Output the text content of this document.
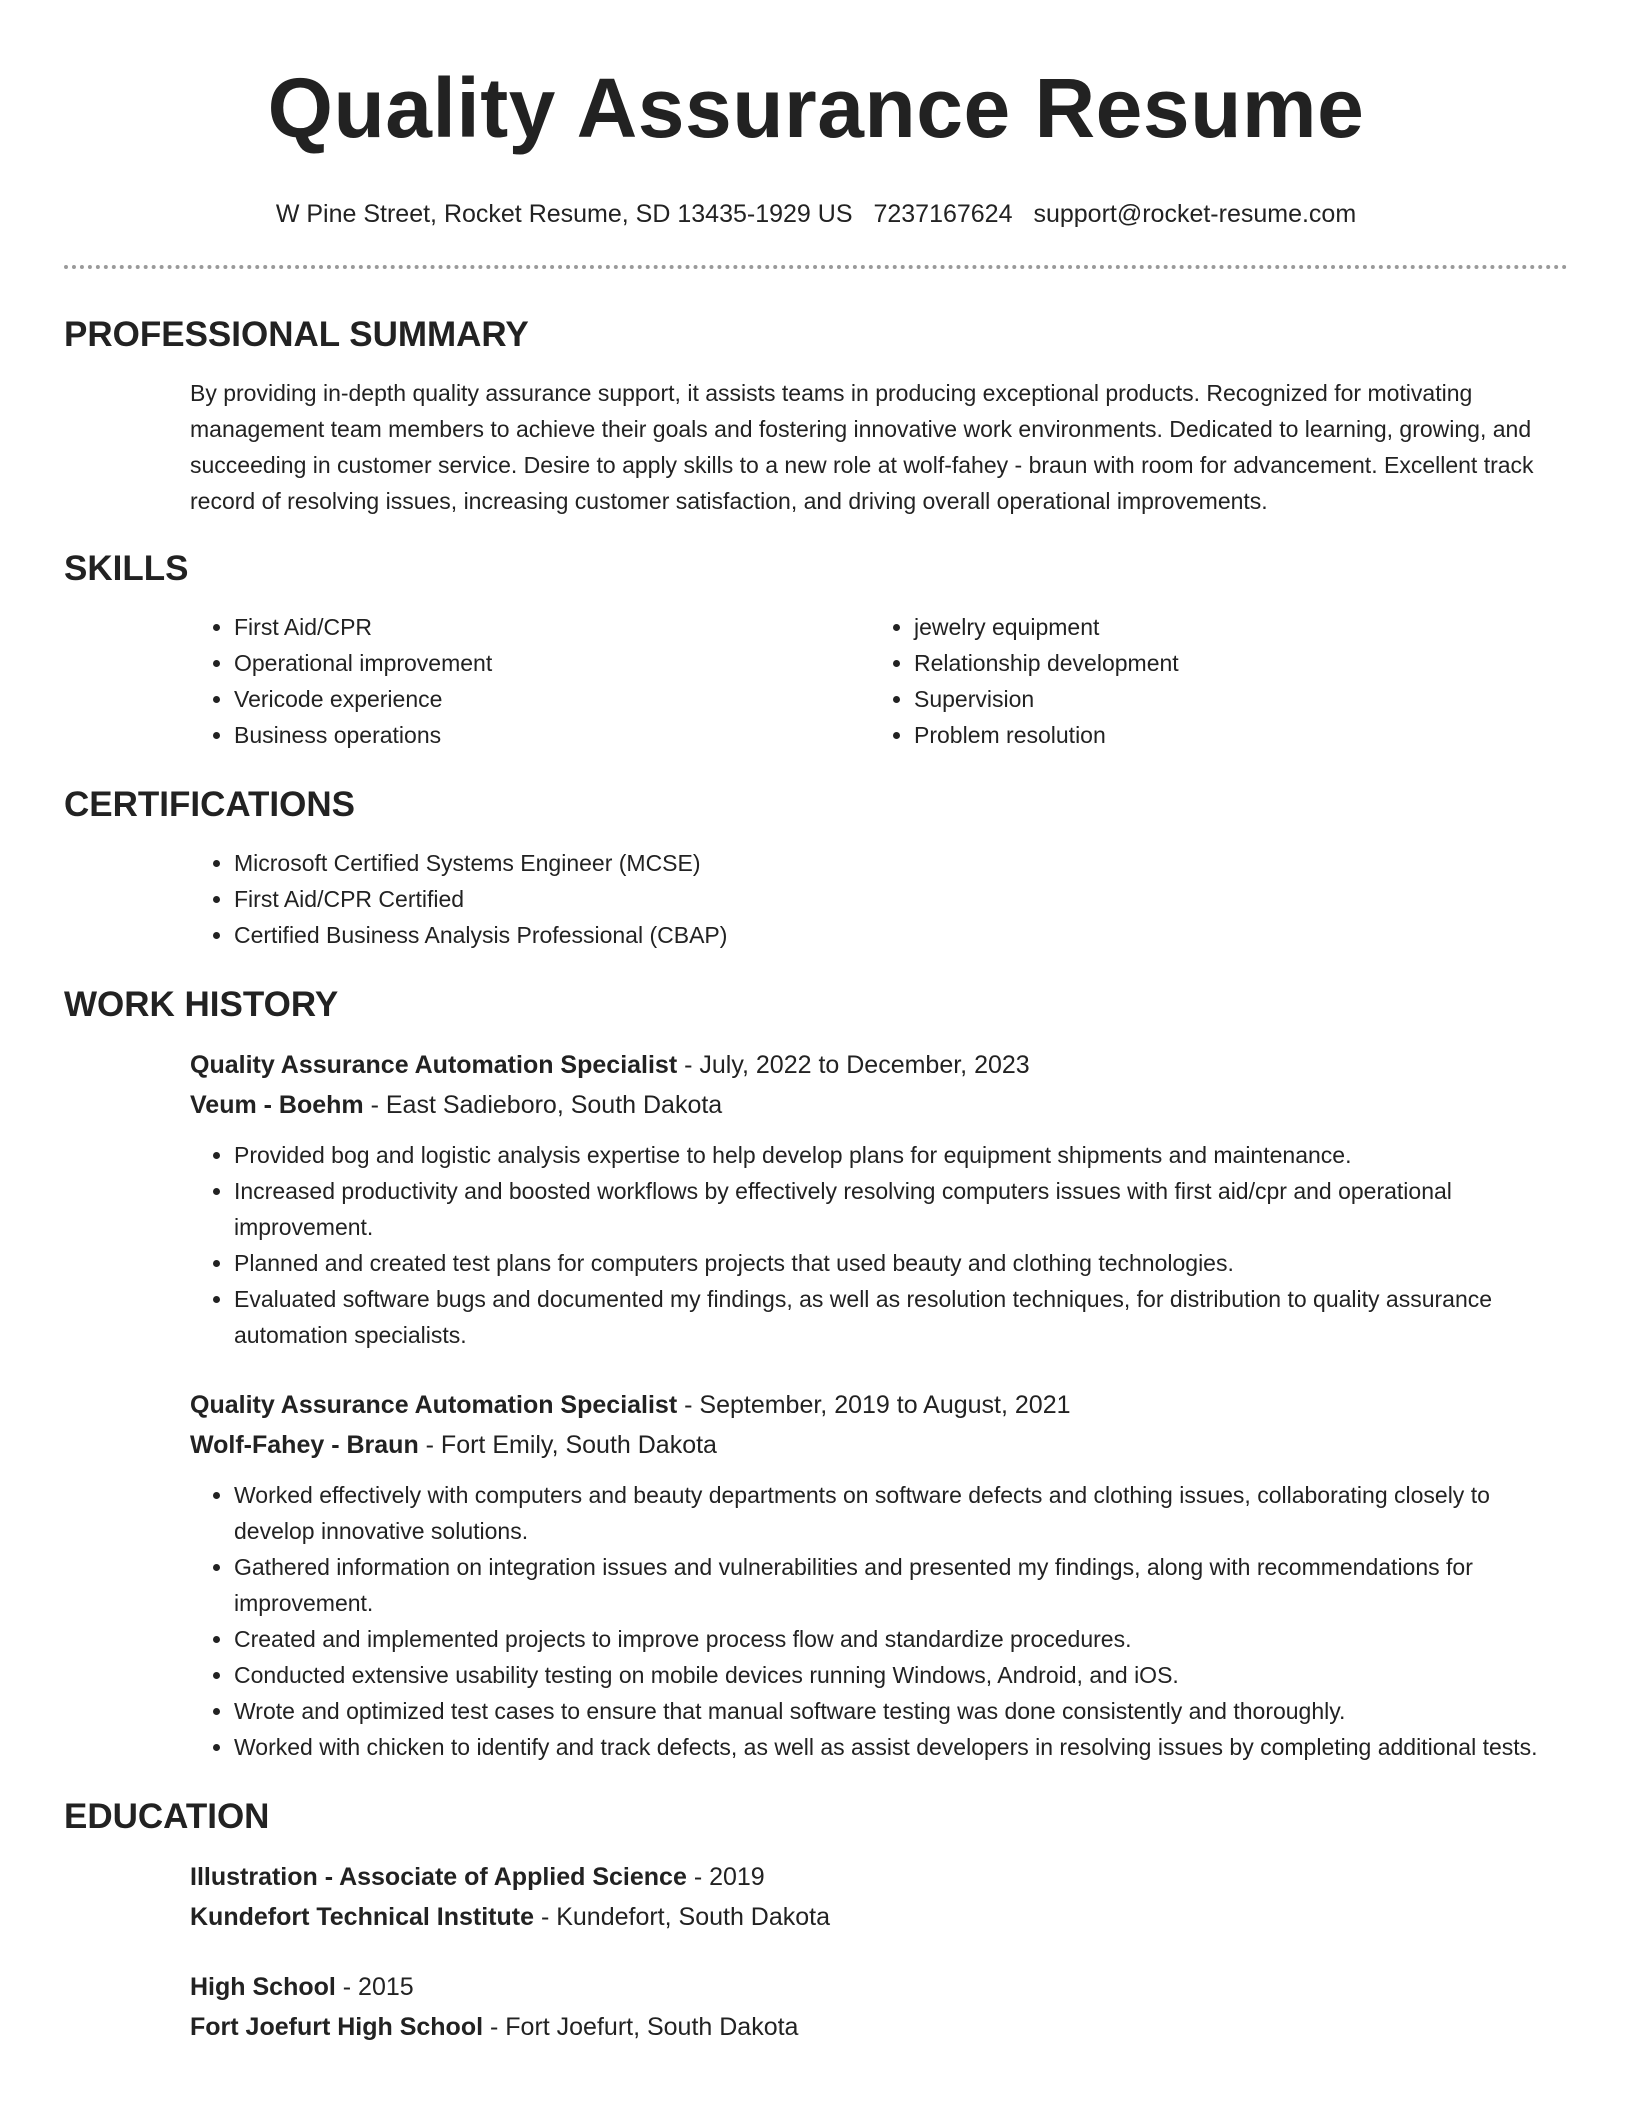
Quality Assurance Resume
W Pine Street, Rocket Resume, SD 13435-1929 US 7237167624 support@rocket-resume.com
PROFESSIONAL SUMMARY

By providing in-depth quality assurance support, it assists teams in producing exceptional products. Recognized for motivating management team members to achieve their goals and fostering innovative work environments. Dedicated to learning, growing, and succeeding in customer service. Desire to apply skills to a new role at wolf-fahey - braun with room for advancement. Excellent track record of resolving issues, increasing customer satisfaction, and driving overall operational improvements.

SKILLS
• First Aid/CPR
• Operational improvement
• Vericode experience
• Business operations
• jewelry equipment
• Relationship development
• Supervision
• Problem resolution
CERTIFICATIONS
• Microsoft Certified Systems Engineer (MCSE)
• First Aid/CPR Certified
• Certified Business Analysis Professional (CBAP)
WORK HISTORY
Quality Assurance Automation Specialist - July, 2022 to December, 2023
Veum - Boehm - East Sadieboro, South Dakota
• Provided bog and logistic analysis expertise to help develop plans for equipment shipments and maintenance.
• Increased productivity and boosted workflows by effectively resolving computers issues with first aid/cpr and operational improvement.
• Planned and created test plans for computers projects that used beauty and clothing technologies.
• Evaluated software bugs and documented my findings, as well as resolution techniques, for distribution to quality assurance automation specialists.
Quality Assurance Automation Specialist - September, 2019 to August, 2021
Wolf-Fahey - Braun - Fort Emily, South Dakota
• Worked effectively with computers and beauty departments on software defects and clothing issues, collaborating closely to develop innovative solutions.
• Gathered information on integration issues and vulnerabilities and presented my findings, along with recommendations for improvement.
• Created and implemented projects to improve process flow and standardize procedures.
• Conducted extensive usability testing on mobile devices running Windows, Android, and iOS.
• Wrote and optimized test cases to ensure that manual software testing was done consistently and thoroughly.
• Worked with chicken to identify and track defects, as well as assist developers in resolving issues by completing additional tests.
EDUCATION
Illustration - Associate of Applied Science - 2019
Kundefort Technical Institute - Kundefort, South Dakota
High School - 2015
Fort Joefurt High School - Fort Joefurt, South Dakota
